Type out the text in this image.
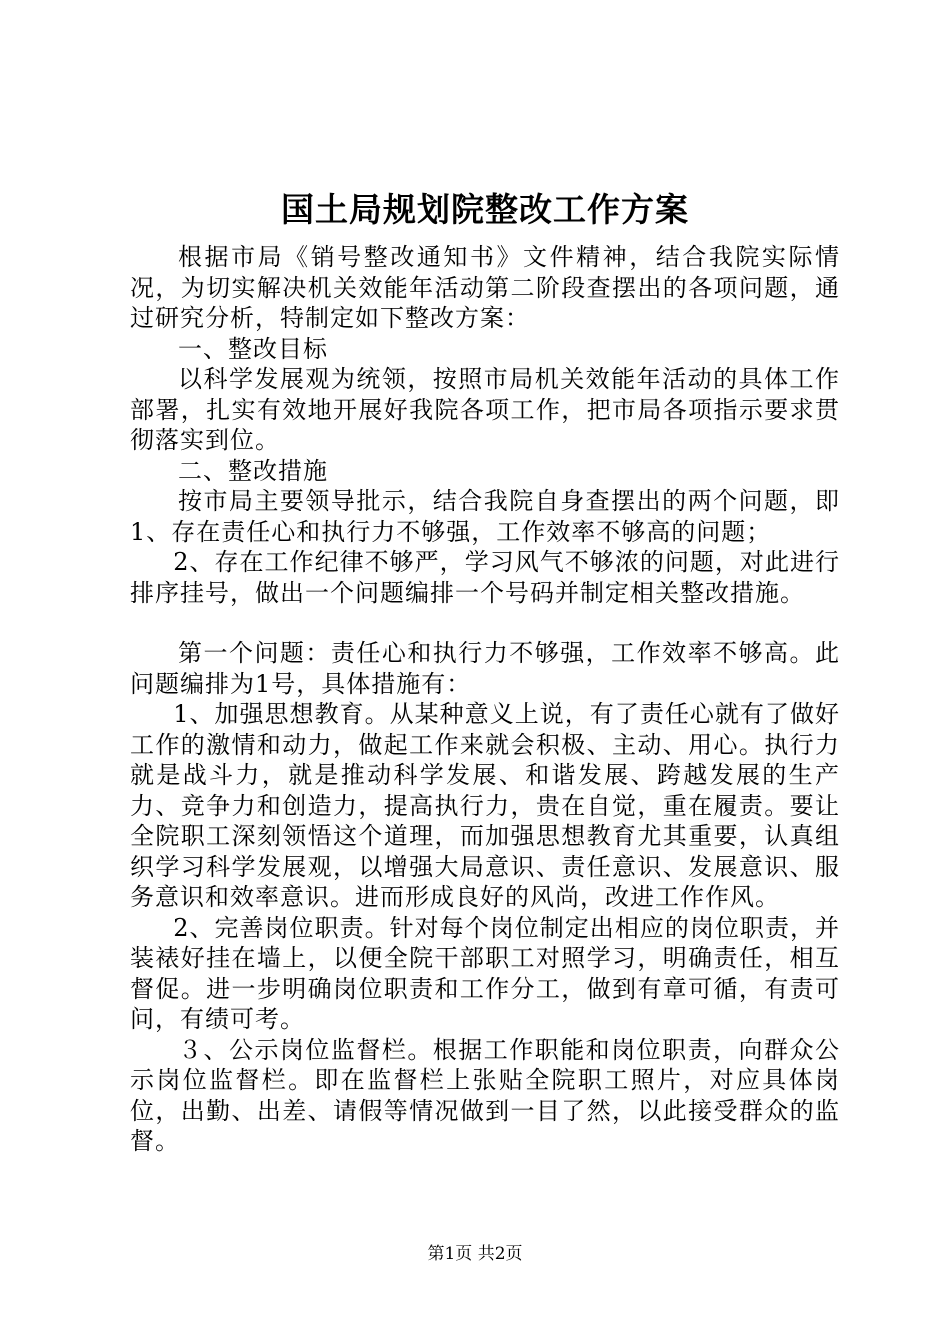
国土局规划院整改工作方案

根据市局《销号整改通知书》文件精神，结合我院实际情况，为切实解决机关效能年活动第二阶段查摆出的各项问题，通过研究分析，特制定如下整改方案：

一、整改目标

以科学发展观为统领，按照市局机关效能年活动的具体工作部署，扎实有效地开展好我院各项工作，把市局各项指示要求贯彻落实到位。

二、整改措施

按市局主要领导批示，结合我院自身查摆出的两个问题，即1、存在责任心和执行力不够强，工作效率不够高的问题；

2、存在工作纪律不够严，学习风气不够浓的问题，对此进行排序挂号，做出一个问题编排一个号码并制定相关整改措施。

第一个问题：责任心和执行力不够强，工作效率不够高。此问题编排为1号，具体措施有：

1、加强思想教育。从某种意义上说，有了责任心就有了做好工作的激情和动力，做起工作来就会积极、主动、用心。执行力就是战斗力，就是推动科学发展、和谐发展、跨越发展的生产力、竞争力和创造力，提高执行力，贵在自觉，重在履责。要让全院职工深刻领悟这个道理，而加强思想教育尤其重要，认真组织学习科学发展观，以增强大局意识、责任意识、发展意识、服务意识和效率意识。进而形成良好的风尚，改进工作作风。

2、完善岗位职责。针对每个岗位制定出相应的岗位职责，并装裱好挂在墙上，以便全院干部职工对照学习，明确责任，相互督促。进一步明确岗位职责和工作分工，做到有章可循，有责可问，有绩可考。

３、公示岗位监督栏。根据工作职能和岗位职责，向群众公示岗位监督栏。即在监督栏上张贴全院职工照片，对应具体岗位，出勤、出差、请假等情况做到一目了然，以此接受群众的监督。

第1页 共2页
